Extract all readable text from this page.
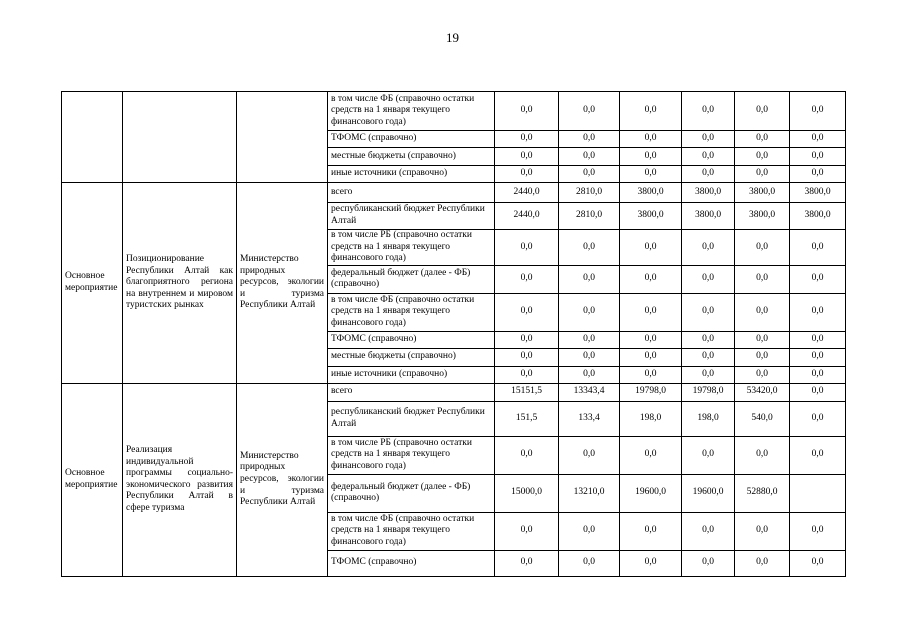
19
			в том числе ФБ (справочно остатки средств на 1 января текущего финансового года)	0,0	0,0	0,0	0,0	0,0	0,0
			ТФОМС (справочно)	0,0	0,0	0,0	0,0	0,0	0,0
			местные бюджеты (справочно)	0,0	0,0	0,0	0,0	0,0	0,0
			иные источники (справочно)	0,0	0,0	0,0	0,0	0,0	0,0
Основное мероприятие	Позиционирование Республики Алтай как благоприятного региона на внутреннем и мировом туристских рынках	Министерство природных ресурсов, экологии и туризма Республики Алтай	всего	2440,0	2810,0	3800,0	3800,0	3800,0	3800,0
			республиканский бюджет Республики Алтай	2440,0	2810,0	3800,0	3800,0	3800,0	3800,0
			в том числе РБ (справочно остатки средств на 1 января текущего финансового года)	0,0	0,0	0,0	0,0	0,0	0,0
			федеральный бюджет (далее - ФБ) (справочно)	0,0	0,0	0,0	0,0	0,0	0,0
			в том числе ФБ (справочно остатки средств на 1 января текущего финансового года)	0,0	0,0	0,0	0,0	0,0	0,0
			ТФОМС (справочно)	0,0	0,0	0,0	0,0	0,0	0,0
			местные бюджеты (справочно)	0,0	0,0	0,0	0,0	0,0	0,0
			иные источники (справочно)	0,0	0,0	0,0	0,0	0,0	0,0
Основное мероприятие	Реализация индивидуальной программы социально-экономического развития Республики Алтай в сфере туризма	Министерство природных ресурсов, экологии и туризма Республики Алтай	всего	15151,5	13343,4	19798,0	19798,0	53420,0	0,0
			республиканский бюджет Республики Алтай	151,5	133,4	198,0	198,0	540,0	0,0
			в том числе РБ (справочно остатки средств на 1 января текущего финансового года)	0,0	0,0	0,0	0,0	0,0	0,0
			федеральный бюджет (далее - ФБ) (справочно)	15000,0	13210,0	19600,0	19600,0	52880,0	
			в том числе ФБ (справочно остатки средств на 1 января текущего финансового года)	0,0	0,0	0,0	0,0	0,0	0,0
			ТФОМС (справочно)	0,0	0,0	0,0	0,0	0,0	0,0
